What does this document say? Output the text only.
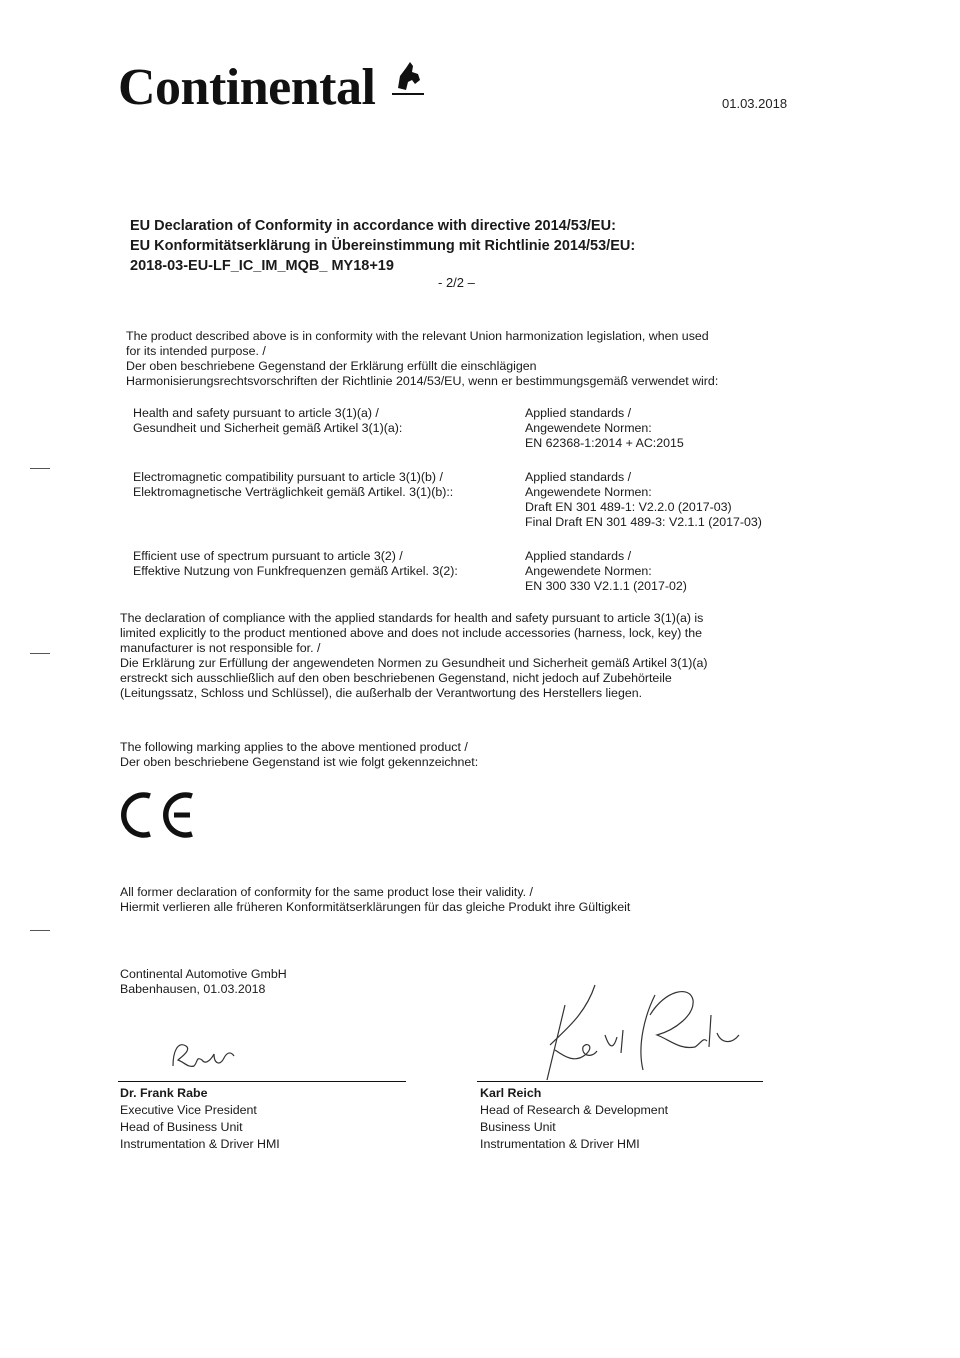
Continental	01.03.2018
EU Declaration of Conformity in accordance with directive 2014/53/EU:
EU Konformitätserklärung in Übereinstimmung mit Richtlinie 2014/53/EU:
2018-03-EU-LF_IC_IM_MQB_ MY18+19
- 2/2 –
The product described above is in conformity with the relevant Union harmonization legislation, when used
for its intended purpose. /
Der oben beschriebene Gegenstand der Erklärung erfüllt die einschlägigen
Harmonisierungsrechtsvorschriften der Richtlinie 2014/53/EU, wenn er bestimmungsgemäß verwendet wird:
Health and safety pursuant to article 3(1)(a) /
Gesundheit und Sicherheit gemäß Artikel 3(1)(a):
Applied standards /
Angewendete Normen:
EN 62368-1:2014 + AC:2015
Electromagnetic compatibility pursuant to article 3(1)(b) /
Elektromagnetische Verträglichkeit gemäß Artikel. 3(1)(b)::
Applied standards /
Angewendete Normen:
Draft EN 301 489-1: V2.2.0 (2017-03)
Final Draft EN 301 489-3: V2.1.1 (2017-03)
Efficient use of spectrum pursuant to article 3(2) /
Effektive Nutzung von Funkfrequenzen gemäß Artikel. 3(2):
Applied standards /
Angewendete Normen:
EN 300 330 V2.1.1 (2017-02)
The declaration of compliance with the applied standards for health and safety pursuant to article 3(1)(a) is
limited explicitly to the product mentioned above and does not include accessories (harness, lock, key) the
manufacturer is not responsible for. /
Die Erklärung zur Erfüllung der angewendeten Normen zu Gesundheit und Sicherheit gemäß Artikel 3(1)(a)
erstreckt sich ausschließlich auf den oben beschriebenen Gegenstand, nicht jedoch auf Zubehörteile
(Leitungssatz, Schloss und Schlüssel), die außerhalb der Verantwortung des Herstellers liegen.
The following marking applies to the above mentioned product /
Der oben beschriebene Gegenstand ist wie folgt gekennzeichnet:
All former declaration of conformity for the same product lose their validity. /
Hiermit verlieren alle früheren Konformitätserklärungen für das gleiche Produkt ihre Gültigkeit
Continental Automotive GmbH
Babenhausen, 01.03.2018
Dr. Frank Rabe
Executive Vice President
Head of Business Unit
Instrumentation & Driver HMI
Karl Reich
Head of Research & Development
Business Unit
Instrumentation & Driver HMI
